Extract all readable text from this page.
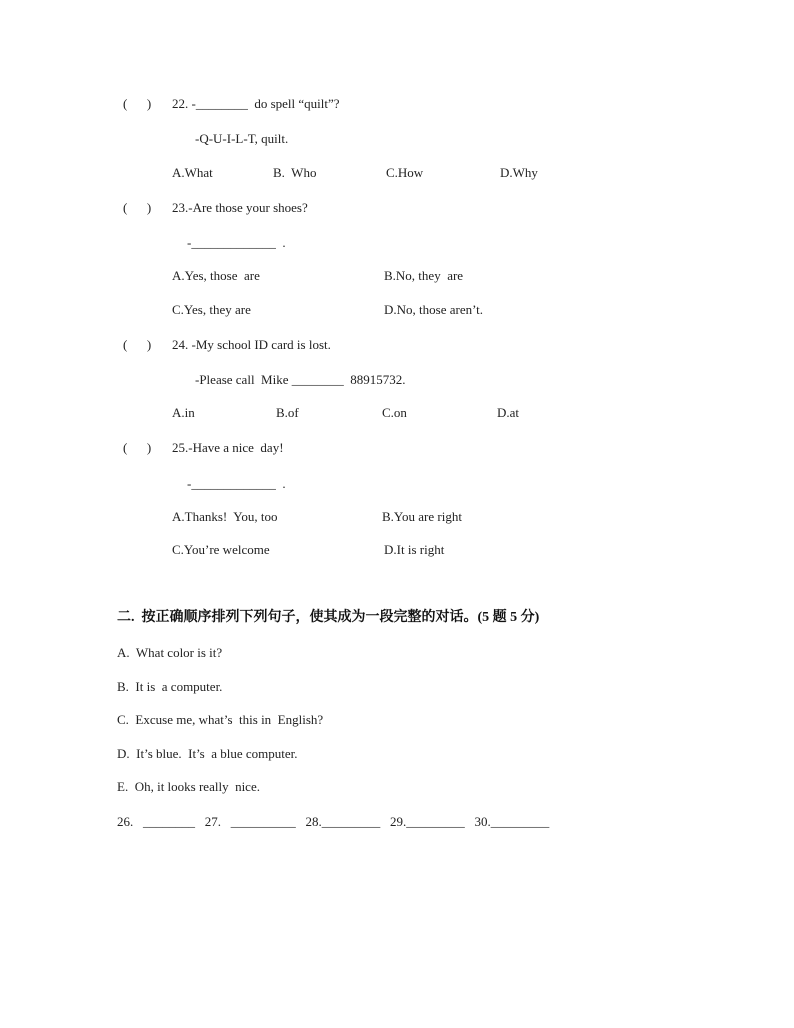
(      ) 22. -________  do spell “quilt”?
-Q-U-I-L-T, quilt.
A.What	B.  Who	C.How	D.Why
(      ) 23.-Are those your shoes?
-_____________  .
A.Yes, those  are	B.No, they  are
C.Yes, they are	D.No, those aren’t.
(      ) 24. -My school ID card is lost.
-Please call  Mike ________  88915732.
A.in	B.of	C.on	D.at
(      ) 25.-Have a nice  day!
-_____________  .
A.Thanks!  You, too	B.You are right
C.You’re welcome	D.It is right
二.  按正确顺序排列下列句子，使其成为一段完整的对话。(5 题 5 分)
A.  What color is it?
B.  It is  a computer.
C.  Excuse me, what’s  this in  English?
D.  It’s blue.  It’s  a blue computer.
E.  Oh, it looks really  nice.
26.   ________   27.   __________   28._________   29._________   30._________
